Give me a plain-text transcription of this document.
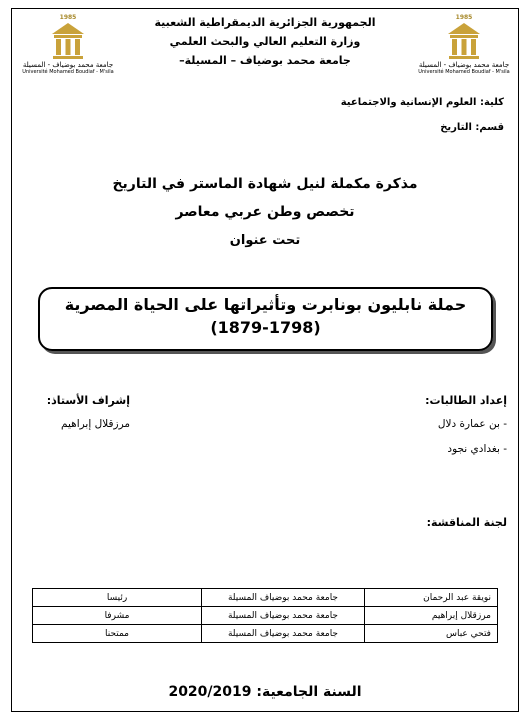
1985
جامعة محمد بوضياف - المسيلة
Université Mohamed Boudiaf - M'sila
1985
جامعة محمد بوضياف - المسيلة
Université Mohamed Boudiaf - M'sila
الجمهورية الجزائرية الديمقراطية الشعبية
وزارة التعليم العالي والبحث العلمي
جامعة محمد بوضياف – المسيلة–
كلية: العلوم الإنسانية والاجتماعية
قسم: التاريخ
مذكرة مكملة لنيل شهادة الماستر في التاريخ
تخصص وطن عربي معاصر
تحت عنوان
حملة نابليون بونابرت وتأثيراتها على الحياة المصرية
(1879-1798)
إعداد الطالبات:
- بن عمارة دلال
- بغدادي نجود
إشراف الأستاذ:
مرزقلال إبراهيم
لجنة المناقشة:
نويقة عبد الرحمان	جامعة محمد بوضياف المسيلة	رئيسا
مرزقلال إبراهيم	جامعة محمد بوضياف المسيلة	مشرفا
فتحي عباس	جامعة محمد بوضياف المسيلة	ممتحنا
السنة الجامعية: 2020/2019
